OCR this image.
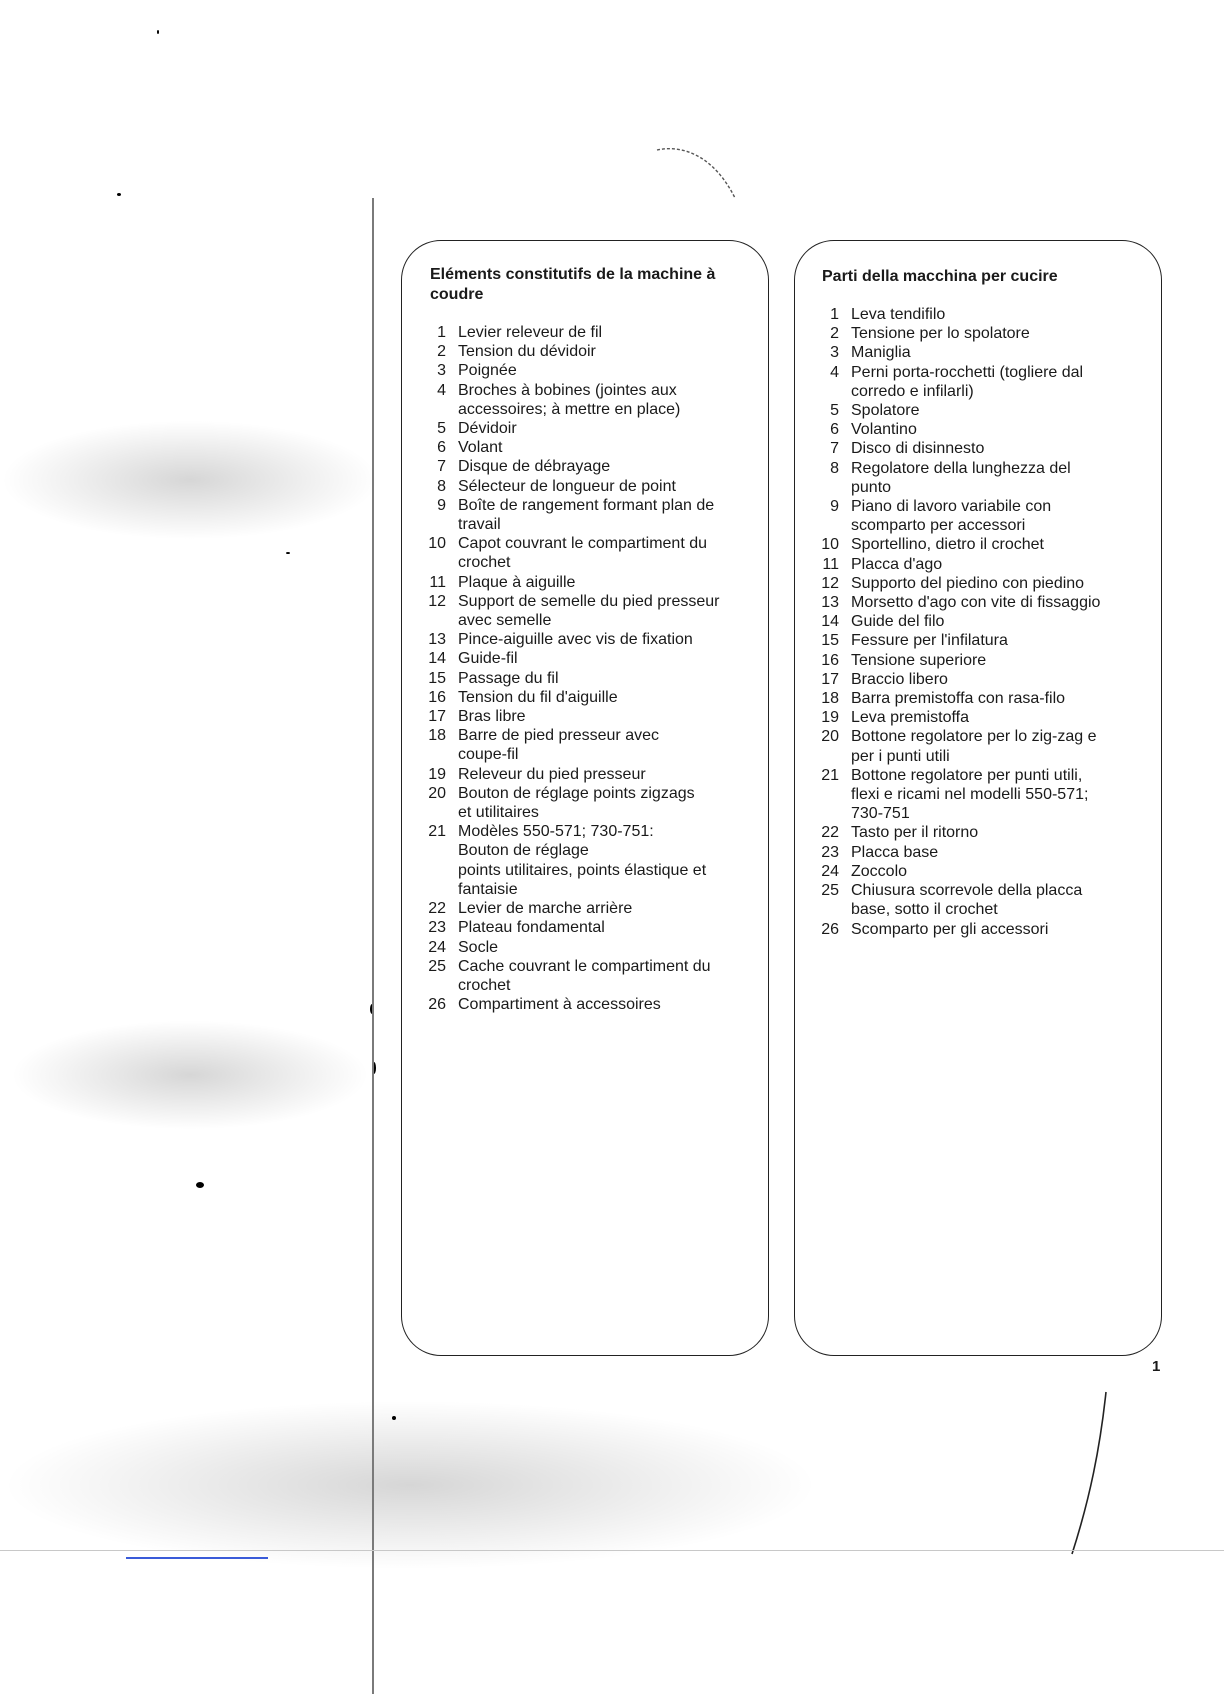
Eléments constitutifs de la machine à coudre
1 Levier releveur de fil
2 Tension du dévidoir
3 Poignée
4 Broches à bobines (jointes aux
accessoires; à mettre en place)
5 Dévidoir
6 Volant
7 Disque de débrayage
8 Sélecteur de longueur de point
9 Boîte de rangement formant plan de
travail
10 Capot couvrant le compartiment du
crochet
11 Plaque à aiguille
12 Support de semelle du pied presseur
avec semelle
13 Pince-aiguille avec vis de fixation
14 Guide-fil
15 Passage du fil
16 Tension du fil d'aiguille
17 Bras libre
18 Barre de pied presseur avec
coupe-fil
19 Releveur du pied presseur
20 Bouton de réglage points zigzags
et utilitaires
21 Modèles 550-571; 730-751:
Bouton de réglage
points utilitaires, points élastique et
fantaisie
22 Levier de marche arrière
23 Plateau fondamental
24 Socle
25 Cache couvrant le compartiment du
crochet
26 Compartiment à accessoires
Parti della macchina per cucire
1 Leva tendifilo
2 Tensione per lo spolatore
3 Maniglia
4 Perni porta-rocchetti (togliere dal
corredo e infilarli)
5 Spolatore
6 Volantino
7 Disco di disinnesto
8 Regolatore della lunghezza del
punto
9 Piano di lavoro variabile con
scomparto per accessori
10 Sportellino, dietro il crochet
11 Placca d'ago
12 Supporto del piedino con piedino
13 Morsetto d'ago con vite di fissaggio
14 Guide del filo
15 Fessure per l'infilatura
16 Tensione superiore
17 Braccio libero
18 Barra premistoffa con rasa-filo
19 Leva premistoffa
20 Bottone regolatore per lo zig-zag e
per i punti utili
21 Bottone regolatore per punti utili,
flexi e ricami nel modelli 550-571;
730-751
22 Tasto per il ritorno
23 Placca base
24 Zoccolo
25 Chiusura scorrevole della placca
base, sotto il crochet
26 Scomparto per gli accessori
1
